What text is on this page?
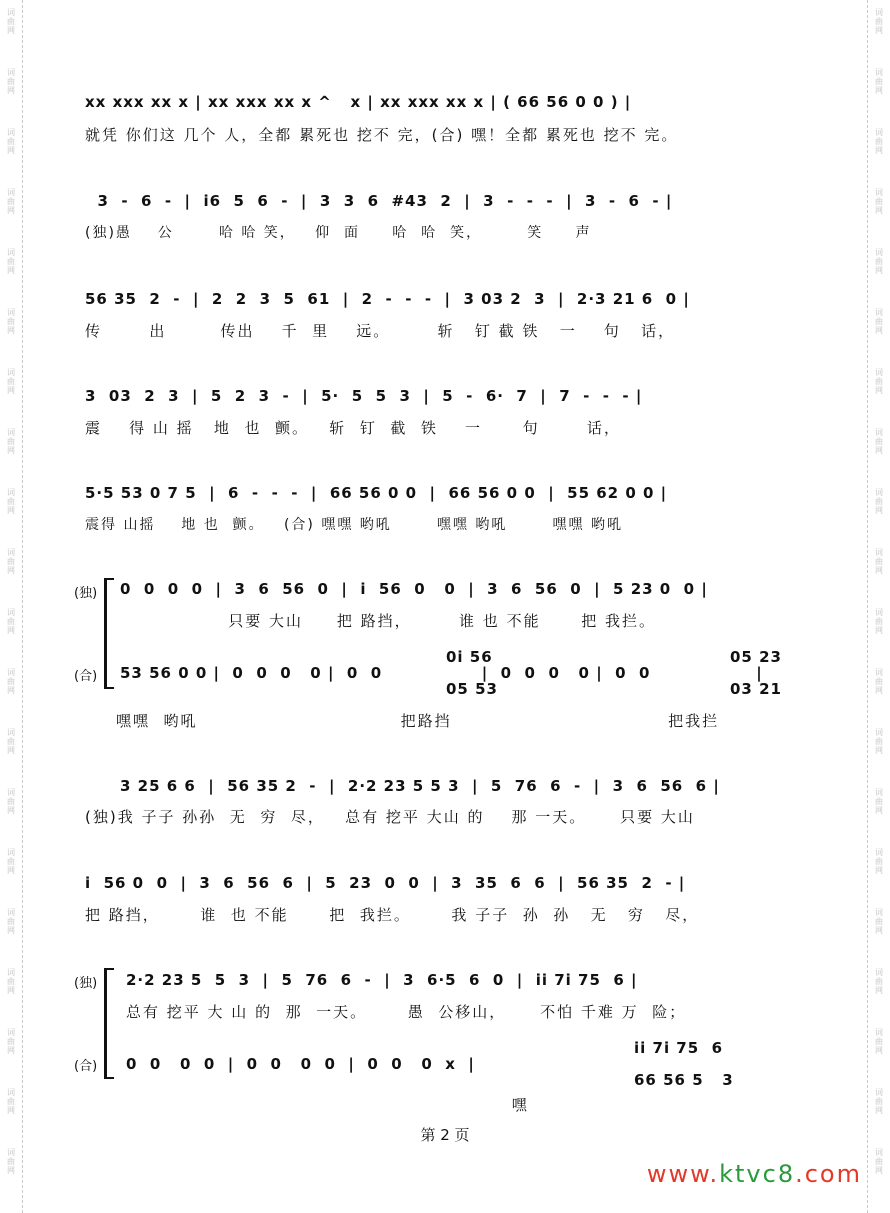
词
曲
网
词
曲
网
词
曲
网
词
曲
网
词
曲
网
词
曲
网
词
曲
网
词
曲
网
词
曲
网
词
曲
网
词
曲
网
词
曲
网
词
曲
网
词
曲
网
词
曲
网
词
曲
网
词
曲
网
词
曲
网
词
曲
网
词
曲
网
词
曲
网
词
曲
网
词
曲
网
词
曲
网
词
曲
网
词
曲
网
词
曲
网
词
曲
网
词
曲
网
词
曲
网
词
曲
网
词
曲
网
词
曲
网
词
曲
网
词
曲
网
词
曲
网
词
曲
网
词
曲
网
词
曲
网
词
曲
网
xx xxx xx x | xx xxx xx x ^   x | xx xxx xx x | ( 66 56 0 0 ) |
就凭 你们这 几个 人，全都 累死也 挖不 完，(合) 嘿！全都 累死也 挖不 完。
3  -  6  -  |  i6  5  6  -  |  3  3  6  #43  2  |  3  -  -  -  |  3  -  6  - |
(独)愚    公       哈 哈 笑，   仰  面     哈  哈  笑，       笑     声
56 35  2  -  |  2  2  3  5  61  |  2  -  -  -  |  3 03 2  3  |  2·3 21 6  0 |
传       出        传出    千  里    远。       斩   钉 截 铁   一    句   话，
3  03  2  3  |  5  2  3  -  |  5·  5  5  3  |  5  -  6·  7  |  7  -  -  - |
震    得 山 摇   地  也  颤。   斩  钉  截  铁    一      句       话，
5·5 53 0 7 5  |  6  -  -  -  |  66 56 0 0  |  66 56 0 0  |  55 62 0 0 |
震得 山摇    地 也  颤。   (合) 嘿嘿 哟吼       嘿嘿 哟吼       嘿嘿 哟吼
(独)
(合)
0  0  0  0  |  3  6  56  0  |  i  56  0   0  |  3  6  56  0  |  5 23 0  0 |
只要 大山     把 路挡，       谁 也 不能      把 我拦。
53 56 0 0 |  0  0  0   0 |  0  0                |  0  0  0   0 |  0  0                 |
0i 56
05 53
05 23
03 21
嘿嘿  哟吼                              把路挡                                把我拦
3 25 6 6  |  56 35 2  -  |  2·2 23 5 5 3  |  5  76  6  -  |  3  6  56  6 |
(独)我 子子 孙孙  无  穷  尽，   总有 挖平 大山 的    那 一天。     只要 大山
i  56 0  0  |  3  6  56  6  |  5  23  0  0  |  3  35  6  6  |  56 35  2  - |
把 路挡，      谁  也 不能      把  我拦。      我 子子  孙  孙   无   穷   尽，
(独)
(合)
2·2 23 5  5  3  |  5  76  6  -  |  3  6·5  6  0  |  ii 7i 75  6 |
总有 挖平 大 山 的  那  一天。      愚  公移山，     不怕 千难 万  险；
0  0   0  0  |  0  0   0  0  |  0  0   0  x  |
ii 7i 75  6
66 56 5   3
嘿
第 2 页
www.ktvc8.com
